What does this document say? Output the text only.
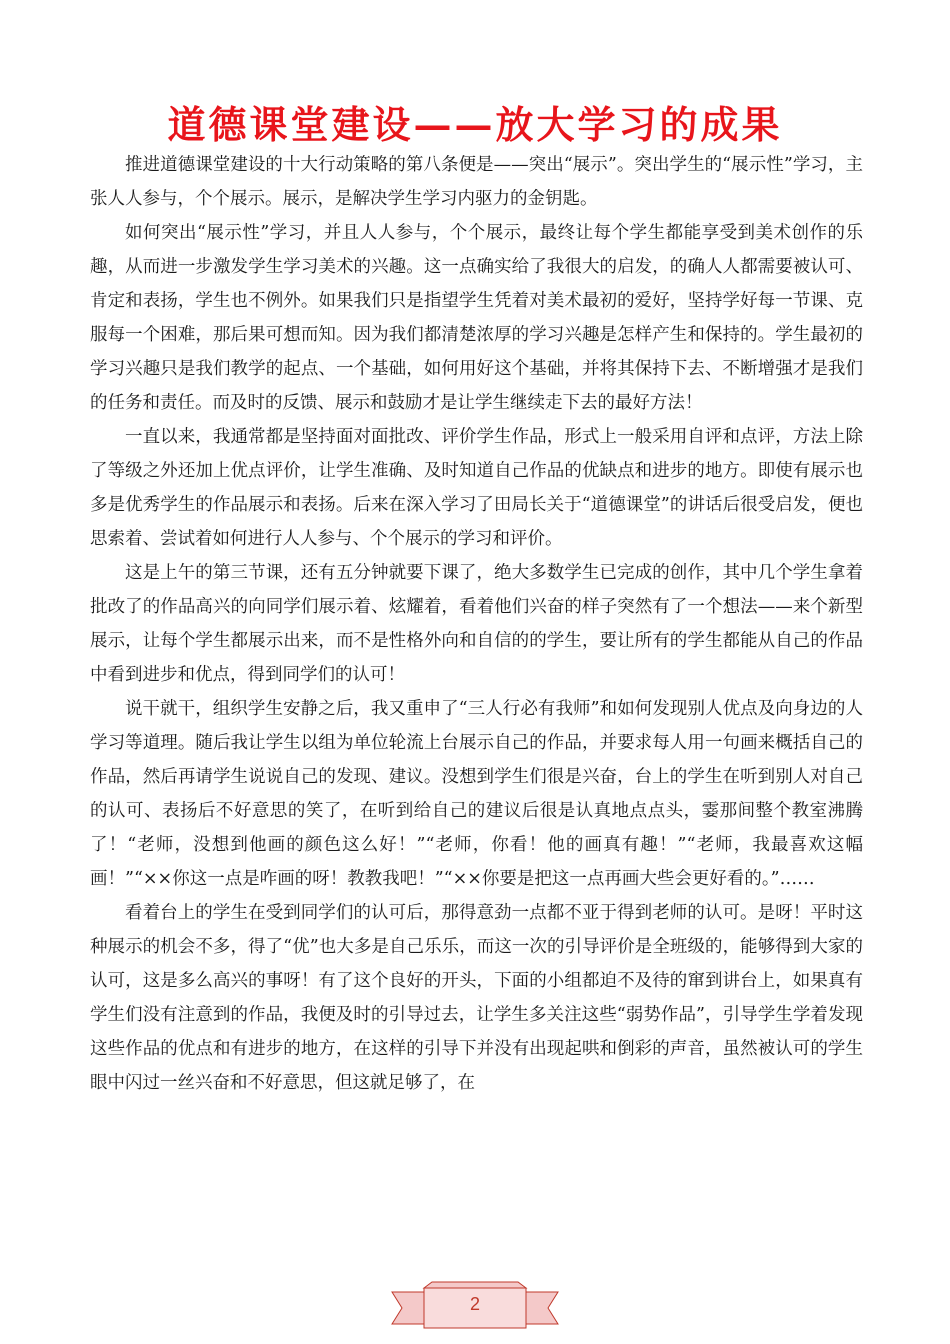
道德课堂建设——放大学习的成果

推进道德课堂建设的十大行动策略的第八条便是——突出“展示”。突出学生的“展示性”学习，主张人人参与，个个展示。展示，是解决学生学习内驱力的金钥匙。

如何突出“展示性”学习，并且人人参与，个个展示，最终让每个学生都能享受到美术创作的乐趣，从而进一步激发学生学习美术的兴趣。这一点确实给了我很大的启发，的确人人都需要被认可、肯定和表扬，学生也不例外。如果我们只是指望学生凭着对美术最初的爱好，坚持学好每一节课、克服每一个困难，那后果可想而知。因为我们都清楚浓厚的学习兴趣是怎样产生和保持的。学生最初的学习兴趣只是我们教学的起点、一个基础，如何用好这个基础，并将其保持下去、不断增强才是我们的任务和责任。而及时的反馈、展示和鼓励才是让学生继续走下去的最好方法！

一直以来，我通常都是坚持面对面批改、评价学生作品，形式上一般采用自评和点评，方法上除了等级之外还加上优点评价，让学生准确、及时知道自己作品的优缺点和进步的地方。即使有展示也多是优秀学生的作品展示和表扬。后来在深入学习了田局长关于“道德课堂”的讲话后很受启发，便也思索着、尝试着如何进行人人参与、个个展示的学习和评价。

这是上午的第三节课，还有五分钟就要下课了，绝大多数学生已完成的创作，其中几个学生拿着批改了的作品高兴的向同学们展示着、炫耀着，看着他们兴奋的样子突然有了一个想法——来个新型展示，让每个学生都展示出来，而不是性格外向和自信的的学生，要让所有的学生都能从自己的作品中看到进步和优点，得到同学们的认可！

说干就干，组织学生安静之后，我又重申了“三人行必有我师”和如何发现别人优点及向身边的人学习等道理。随后我让学生以组为单位轮流上台展示自己的作品，并要求每人用一句画来概括自己的作品，然后再请学生说说自己的发现、建议。没想到学生们很是兴奋，台上的学生在听到别人对自己的认可、表扬后不好意思的笑了，在听到给自己的建议后很是认真地点点头，霎那间整个教室沸腾了！“老师，没想到他画的颜色这么好！”“老师，你看！他的画真有趣！”“老师，我最喜欢这幅画！”“××你这一点是咋画的呀！教教我吧！”“××你要是把这一点再画大些会更好看的。”……

看着台上的学生在受到同学们的认可后，那得意劲一点都不亚于得到老师的认可。是呀！平时这种展示的机会不多，得了“优”也大多是自己乐乐，而这一次的引导评价是全班级的，能够得到大家的认可，这是多么高兴的事呀！有了这个良好的开头，下面的小组都迫不及待的窜到讲台上，如果真有学生们没有注意到的作品，我便及时的引导过去，让学生多关注这些“弱势作品”，引导学生学着发现这些作品的优点和有进步的地方，在这样的引导下并没有出现起哄和倒彩的声音，虽然被认可的学生眼中闪过一丝兴奋和不好意思，但这就足够了，在

2
